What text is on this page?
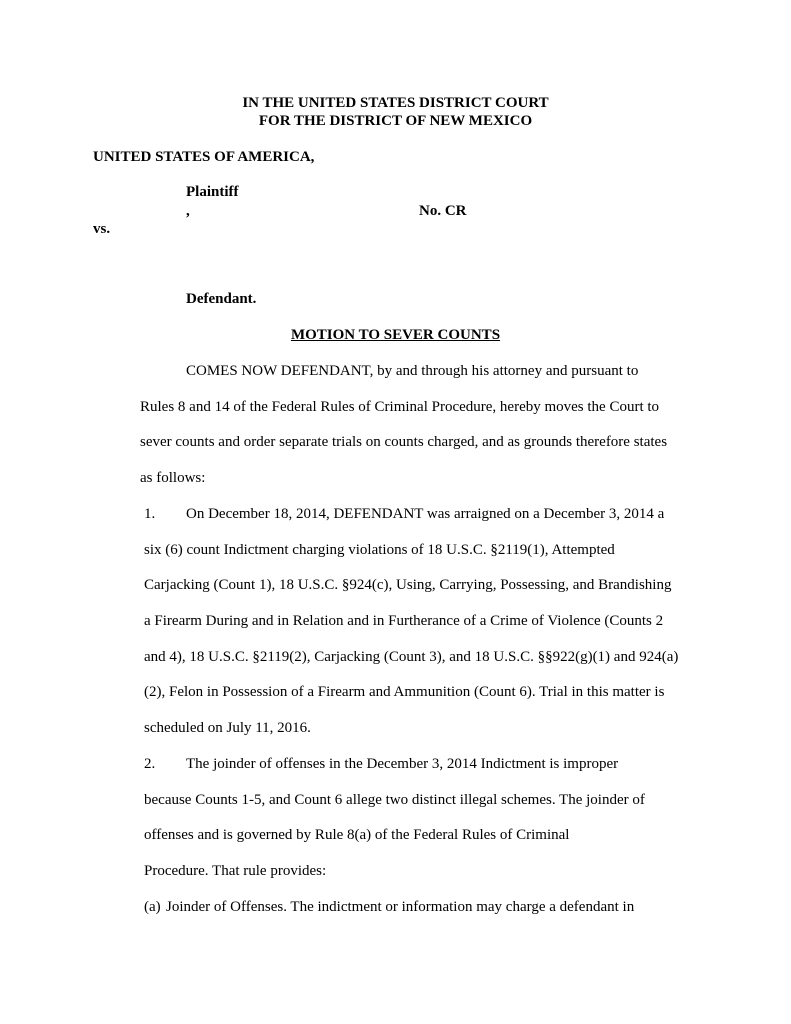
IN THE UNITED STATES DISTRICT COURT
FOR THE DISTRICT OF NEW MEXICO
UNITED STATES OF AMERICA,
Plaintiff
,	No. CR
vs.
Defendant.
MOTION TO SEVER COUNTS
COMES NOW DEFENDANT, by and through his attorney and pursuant to
Rules 8 and 14 of the Federal Rules of Criminal Procedure, hereby moves the Court to
sever counts and order separate trials on counts charged, and as grounds therefore states
as follows:
1. On December 18, 2014, DEFENDANT was arraigned on a December 3, 2014 a
six (6) count Indictment charging violations of 18 U.S.C. §2119(1), Attempted
Carjacking (Count 1), 18 U.S.C. §924(c), Using, Carrying, Possessing, and Brandishing
a Firearm During and in Relation and in Furtherance of a Crime of Violence (Counts 2
and 4), 18 U.S.C. §2119(2), Carjacking (Count 3), and 18 U.S.C. §§922(g)(1) and 924(a)
(2), Felon in Possession of a Firearm and Ammunition (Count 6). Trial in this matter is
scheduled on July 11, 2016.
2. The joinder of offenses in the December 3, 2014 Indictment is improper
because Counts 1-5, and Count 6 allege two distinct illegal schemes. The joinder of
offenses and is governed by Rule 8(a) of the Federal Rules of Criminal
Procedure. That rule provides:
(a) Joinder of Offenses. The indictment or information may charge a defendant in
